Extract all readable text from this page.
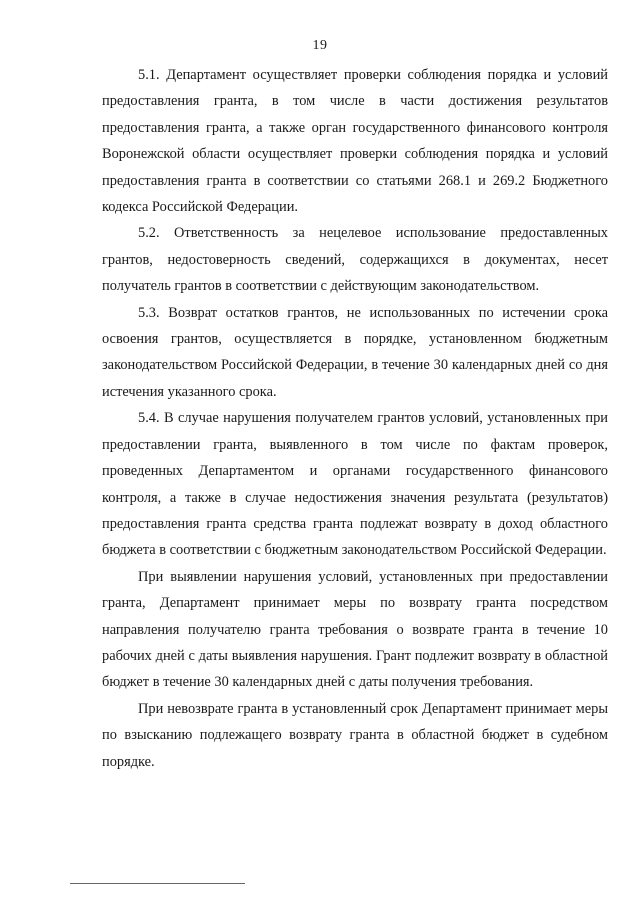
19

5.1. Департамент осуществляет проверки соблюдения порядка и условий предоставления гранта, в том числе в части достижения результатов предоставления гранта, а также орган государственного финансового контроля Воронежской области осуществляет проверки соблюдения порядка и условий предоставления гранта в соответствии со статьями 268.1 и 269.2 Бюджетного кодекса Российской Федерации.

5.2. Ответственность за нецелевое использование предоставленных грантов, недостоверность сведений, содержащихся в документах, несет получатель грантов в соответствии с действующим законодательством.

5.3. Возврат остатков грантов, не использованных по истечении срока освоения грантов, осуществляется в порядке, установленном бюджетным законодательством Российской Федерации, в течение 30 календарных дней со дня истечения указанного срока.

5.4. В случае нарушения получателем грантов условий, установленных при предоставлении гранта, выявленного в том числе по фактам проверок, проведенных Департаментом и органами государственного финансового контроля, а также в случае недостижения значения результата (результатов) предоставления гранта средства гранта подлежат возврату в доход областного бюджета в соответствии с бюджетным законодательством Российской Федерации.

При выявлении нарушения условий, установленных при предоставлении гранта, Департамент принимает меры по возврату гранта посредством направления получателю гранта требования о возврате гранта в течение 10 рабочих дней с даты выявления нарушения. Грант подлежит возврату в областной бюджет в течение 30 календарных дней с даты получения требования.

При невозврате гранта в установленный срок Департамент принимает меры по взысканию подлежащего возврату гранта в областной бюджет в судебном порядке.
